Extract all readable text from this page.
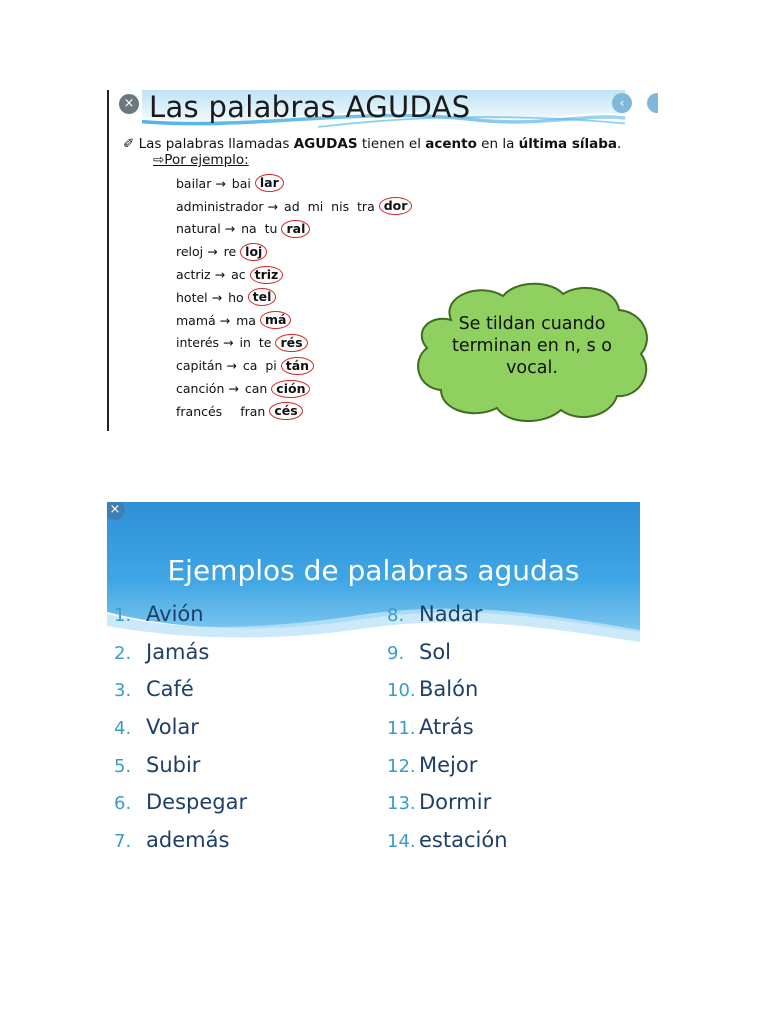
×	‹
Las palabras AGUDAS
✐ Las palabras llamadas AGUDAS tienen el acento en la última sílaba.
⇨Por ejemplo:
bailar → bai lar
administrador → ad  mi  nis  tra dor
natural → na  tu ral
reloj → re loj
actriz → ac triz
hotel → ho tel
mamá → ma má
interés → in  te rés
capitán → ca  pi tán
canción → can ción
francés fran cés
Se tildan cuando
terminan en n, s o
vocal.
×
Ejemplos de palabras agudas
1. Avión
2. Jamás
3. Café
4. Volar
5. Subir
6. Despegar
7. además
8. Nadar
9. Sol
10. Balón
11. Atrás
12. Mejor
13. Dormir
14. estación
